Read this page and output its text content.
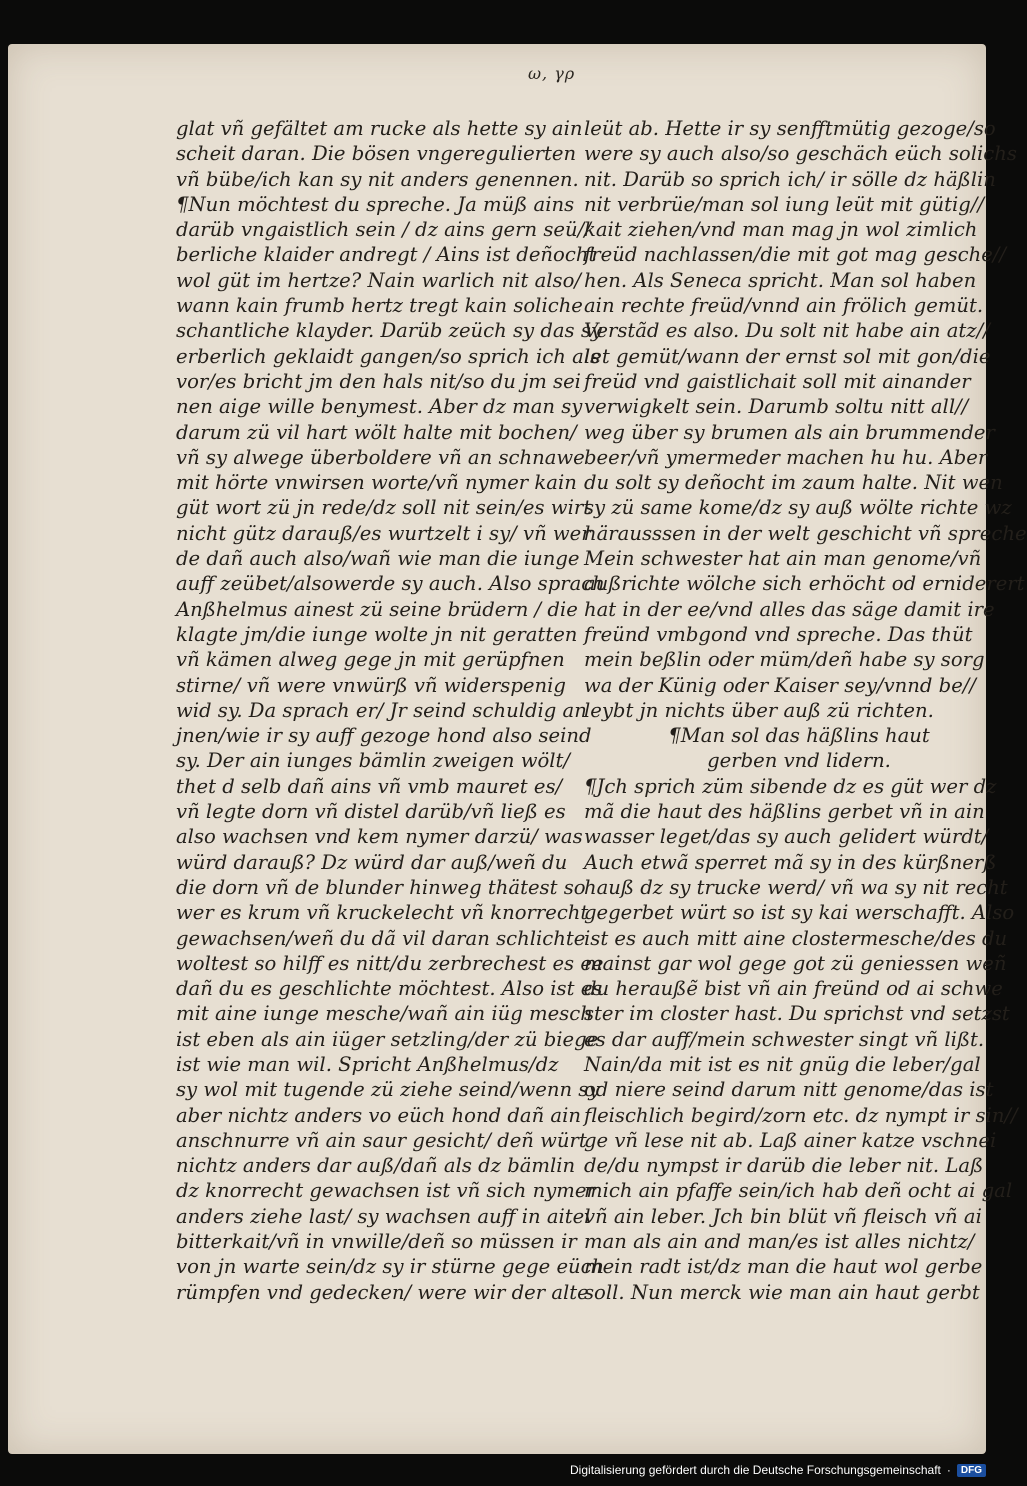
ω, γρ
glat vñ gefältet am rucke als hette sy ain
scheit daran. Die bösen vngeregulierten
vñ bübe/ich kan sy nit anders genennen.
¶Nun möchtest du spreche. Ja müß ains
darüb vngaistlich sein / dz ains gern seü//
berliche klaider andregt / Ains ist deñocht
wol güt im hertze? Nain warlich nit also/
wann kain frumb hertz tregt kain soliche
schantliche klayder. Darüb zeüch sy das sy
erberlich geklaidt gangen/so sprich ich als
vor/es bricht jm den hals nit/so du jm sei
nen aige wille benymest. Aber dz man sy
darum zü vil hart wölt halte mit bochen/
vñ sy alwege überboldere vñ an schnawe
mit hörte vnwirsen worte/vñ nymer kain
güt wort zü jn rede/dz soll nit sein/es wirt
nicht gütz darauß/es wurtzelt i sy/ vñ wer
de dañ auch also/wañ wie man die iunge
auff zeübet/alsowerde sy auch. Also sprach
Anßhelmus ainest zü seine brüdern / die
klagte jm/die iunge wolte jn nit geratten
vñ kämen alweg gege jn mit gerüpfnen
stirne/ vñ were vnwürß vñ widerspenig
wid sy. Da sprach er/ Jr seind schuldig an
jnen/wie ir sy auff gezoge hond also seind
sy. Der ain iunges bämlin zweigen wölt/
thet d selb dañ ains vñ vmb mauret es/
vñ legte dorn vñ distel darüb/vñ ließ es
also wachsen vnd kem nymer darzü/ was
würd darauß? Dz würd dar auß/weñ du
die dorn vñ de blunder hinweg thätest so
wer es krum vñ kruckelecht vñ knorrecht
gewachsen/weñ du dã vil daran schlichte
woltest so hilff es nitt/du zerbrechest es ee
dañ du es geschlichte möchtest. Also ist es
mit aine iunge mesche/wañ ain iüg mesch
ist eben als ain iüger setzling/der zü biege
ist wie man wil. Spricht Anßhelmus/dz
sy wol mit tugende zü ziehe seind/wenn sy
aber nichtz anders vo eüch hond dañ ain
anschnurre vñ ain saur gesicht/ deñ würt
nichtz anders dar auß/dañ als dz bämlin
dz knorrecht gewachsen ist vñ sich nymer
anders ziehe last/ sy wachsen auff in aitel
bitterkait/vñ in vnwille/deñ so müssen ir
von jn warte sein/dz sy ir stürne gege eüch
rümpfen vnd gedecken/ were wir der alte
leüt ab. Hette ir sy senfftmütig gezoge/so
were sy auch also/so geschäch eüch solichs
nit. Darüb so sprich ich/ ir sölle dz häßlin
nit verbrüe/man sol iung leüt mit gütig//
kait ziehen/vnd man mag jn wol zimlich
freüd nachlassen/die mit got mag gesche//
hen. Als Seneca spricht. Man sol haben
ain rechte freüd/vnnd ain frölich gemüt.
Verstãd es also. Du solt nit habe ain atz//
let gemüt/wann der ernst sol mit gon/die
freüd vnd gaistlichait soll mit ainander
verwigkelt sein. Darumb soltu nitt all//
weg über sy brumen als ain brummender
beer/vñ ymermeder machen hu hu. Aber
du solt sy deñocht im zaum halte. Nit wen
sy zü same kome/dz sy auß wölte richte wz
härausssen in der welt geschicht vñ spreche
Mein schwester hat ain man genome/vñ
außrichte wölche sich erhöcht od erniderert
hat in der ee/vnd alles das säge damit ire
freünd vmbgond vnd spreche. Das thüt
mein beßlin oder müm/deñ habe sy sorg
wa der Künig oder Kaiser sey/vnnd be//
leybt jn nichts über auß zü richten.
¶Man sol das häßlins haut
gerben vnd lidern.
¶Jch sprich züm sibende dz es güt wer dz
mã die haut des häßlins gerbet vñ in ain
wasser leget/das sy auch gelidert würdt/
Auch etwã sperret mã sy in des kürßnerß
hauß dz sy trucke werd/ vñ wa sy nit recht
gegerbet würt so ist sy kai werschafft. Also
ist es auch mitt aine clostermesche/des du
mainst gar wol gege got zü geniessen weñ
du heraußẽ bist vñ ain freünd od ai schwe
ster im closter hast. Du sprichst vnd setzst
es dar auff/mein schwester singt vñ lißt.
Nain/da mit ist es nit gnüg die leber/gal
od niere seind darum nitt genome/das ist
fleischlich begird/zorn etc. dz nympt ir sin//
ge vñ lese nit ab. Laß ainer katze vschnei
de/du nympst ir darüb die leber nit. Laß
mich ain pfaffe sein/ich hab deñ ocht ai gal
vñ ain leber. Jch bin blüt vñ fleisch vñ ai
man als ain and man/es ist alles nichtz/
mein radt ist/dz man die haut wol gerbe
soll. Nun merck wie man ain haut gerbt
Digitalisierung gefördert durch die Deutsche Forschungsgemeinschaft ·	DFG
